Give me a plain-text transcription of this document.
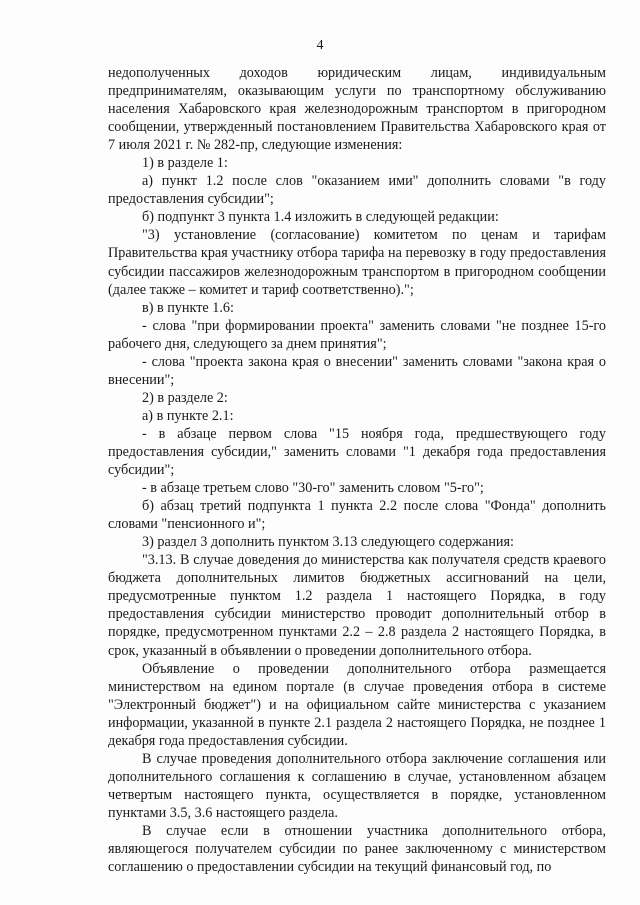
4

недополученных доходов юридическим лицам, индивидуальным предпринимателям, оказывающим услуги по транспортному обслуживанию населения Хабаровского края железнодорожным транспортом в пригородном сообщении, утвержденный постановлением Правительства Хабаровского края от 7 июля 2021 г. № 282-пр, следующие изменения:

1) в разделе 1:

а) пункт 1.2 после слов "оказанием ими" дополнить словами "в году предоставления субсидии";

б) подпункт 3 пункта 1.4 изложить в следующей редакции:

"3) установление (согласование) комитетом по ценам и тарифам Правительства края участнику отбора тарифа на перевозку в году предоставления субсидии пассажиров железнодорожным транспортом в пригородном сообщении (далее также – комитет и тариф соответственно).";

в) в пункте 1.6:

- слова "при формировании проекта" заменить словами "не позднее 15-го рабочего дня, следующего за днем принятия";

- слова "проекта закона края о внесении" заменить словами "закона края о внесении";

2) в разделе 2:

а) в пункте 2.1:

- в абзаце первом слова "15 ноября года, предшествующего году предоставления субсидии," заменить словами "1 декабря года предоставления субсидии";

- в абзаце третьем слово "30-го" заменить словом "5-го";

б) абзац третий подпункта 1 пункта 2.2 после слова "Фонда" дополнить словами "пенсионного и";

3) раздел 3 дополнить пунктом 3.13 следующего содержания:

"3.13. В случае доведения до министерства как получателя средств краевого бюджета дополнительных лимитов бюджетных ассигнований на цели, предусмотренные пунктом 1.2 раздела 1 настоящего Порядка, в году предоставления субсидии министерство проводит дополнительный отбор в порядке, предусмотренном пунктами 2.2 – 2.8 раздела 2 настоящего Порядка, в срок, указанный в объявлении о проведении дополнительного отбора.

Объявление о проведении дополнительного отбора размещается министерством на едином портале (в случае проведения отбора в системе "Электронный бюджет") и на официальном сайте министерства с указанием информации, указанной в пункте 2.1 раздела 2 настоящего Порядка, не позднее 1 декабря года предоставления субсидии.

В случае проведения дополнительного отбора заключение соглашения или дополнительного соглашения к соглашению в случае, установленном абзацем четвертым настоящего пункта, осуществляется в порядке, установленном пунктами 3.5, 3.6 настоящего раздела.

В случае если в отношении участника дополнительного отбора, являющегося получателем субсидии по ранее заключенному с министерством соглашению о предоставлении субсидии на текущий финансовый год, по
